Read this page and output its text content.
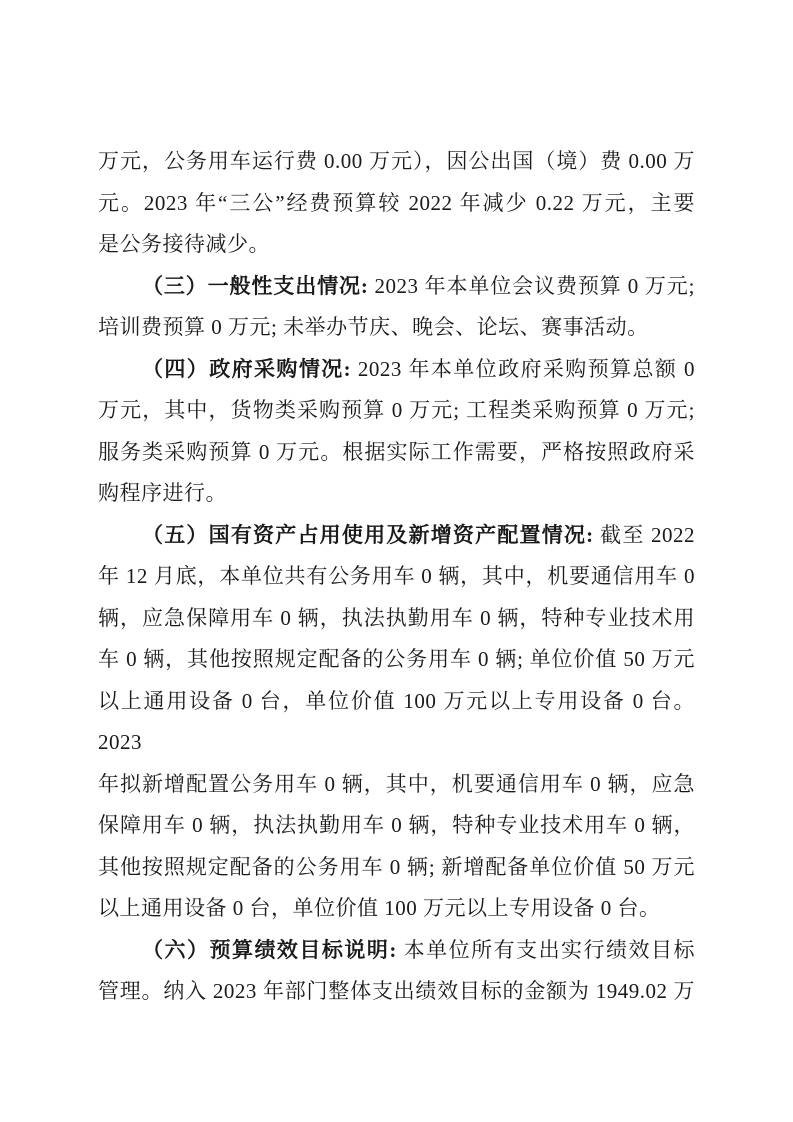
万元，公务用车运行费 0.00 万元），因公出国（境）费 0.00 万
元。2023 年“三公”经费预算较 2022 年减少 0.22 万元，主要
是公务接待减少。
（三）一般性支出情况: 2023 年本单位会议费预算 0 万元;
培训费预算 0 万元; 未举办节庆、晚会、论坛、赛事活动。
（四）政府采购情况: 2023 年本单位政府采购预算总额 0
万元，其中，货物类采购预算 0 万元; 工程类采购预算 0 万元;
服务类采购预算 0 万元。根据实际工作需要，严格按照政府采
购程序进行。
（五）国有资产占用使用及新增资产配置情况: 截至 2022
年 12 月底，本单位共有公务用车 0 辆，其中，机要通信用车 0
辆，应急保障用车 0 辆，执法执勤用车 0 辆，特种专业技术用
车 0 辆，其他按照规定配备的公务用车 0 辆; 单位价值 50 万元
以上通用设备 0 台，单位价值 100 万元以上专用设备 0 台。2023
年拟新增配置公务用车 0 辆，其中，机要通信用车 0 辆，应急
保障用车 0 辆，执法执勤用车 0 辆，特种专业技术用车 0 辆，
其他按照规定配备的公务用车 0 辆; 新增配备单位价值 50 万元
以上通用设备 0 台，单位价值 100 万元以上专用设备 0 台。
（六）预算绩效目标说明: 本单位所有支出实行绩效目标
管理。纳入 2023 年部门整体支出绩效目标的金额为 1949.02 万
